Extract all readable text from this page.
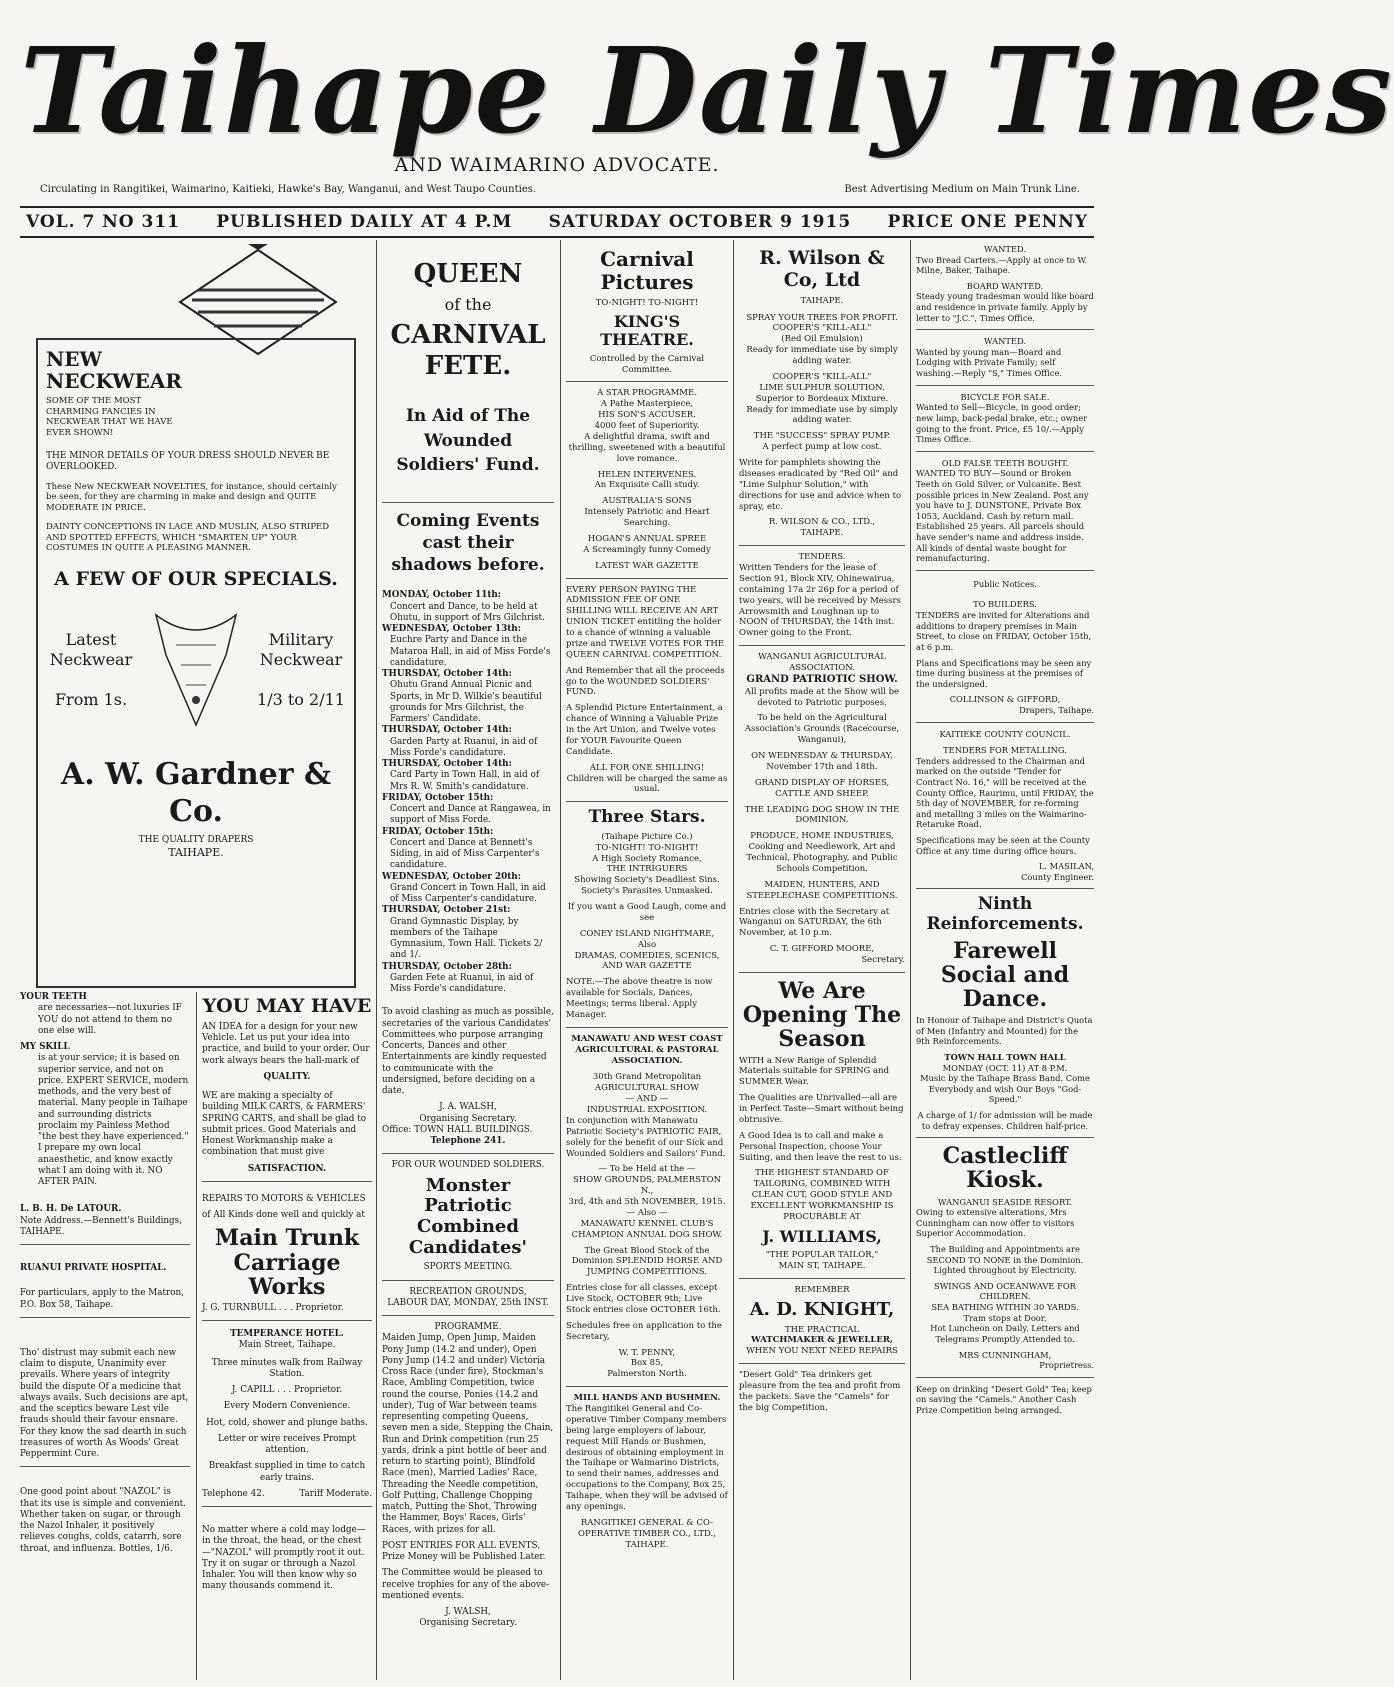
Taihape Daily Times
AND WAIMARINO ADVOCATE.
Circulating in Rangitikei, Waimarino, Kaitieki, Hawke's Bay, Wanganui, and West Taupo Counties.	Best Advertising Medium on Main Trunk Line.
VOL. 7 NO 311 PUBLISHED DAILY AT 4 P.M SATURDAY OCTOBER 9 1915 PRICE ONE PENNY
NEW NECKWEAR

SOME OF THE MOST CHARMING FANCIES IN NECKWEAR THAT WE HAVE EVER SHOWN!

THE MINOR DETAILS OF YOUR DRESS SHOULD NEVER BE OVERLOOKED.

These New NECKWEAR NOVELTIES, for instance, should certainly be seen, for they are charming in make and design and QUITE MODERATE IN PRICE.

DAINTY CONCEPTIONS IN LACE AND MUSLIN, ALSO STRIPED AND SPOTTED EFFECTS, WHICH "SMARTEN UP" YOUR COSTUMES IN QUITE A PLEASING MANNER.

A FEW OF OUR SPECIALS.
Latest Neckwear
From 1s.
Military Neckwear
1/3 to 2/11
A. W. Gardner & Co.
THE QUALITY DRAPERS
TAIHAPE.
YOUR TEETH

are necessaries—not luxuries IF YOU do not attend to them no one else will.

MY SKILL

is at your service; it is based on superior service, and not on price. EXPERT SERVICE, modern methods, and the very best of material. Many people in Taihape and surrounding districts proclaim my Painless Method "the best they have experienced." I prepare my own local anaesthetic, and know exactly what I am doing with it. NO AFTER PAIN.

L. B. H. De LATOUR.

Note Address.—Bennett's Buildings, TAIHAPE.

RUANUI PRIVATE HOSPITAL.

For particulars, apply to the Matron, P.O. Box 58, Taihape.

Tho' distrust may submit each new claim to dispute, Unanimity ever prevails. Where years of integrity build the dispute Of a medicine that always avails. Such decisions are apt, and the sceptics beware Lest vile frauds should their favour ensnare. For they know the sad dearth in such treasures of worth As Woods' Great Peppermint Cure.

One good point about "NAZOL" is that its use is simple and convenient. Whether taken on sugar, or through the Nazol Inhaler, it positively relieves coughs, colds, catarrh, sore throat, and influenza. Bottles, 1/6.

YOU MAY HAVE

AN IDEA for a design for your new Vehicle. Let us put your idea into practice, and build to your order. Our work always bears the hall-mark of

QUALITY.

WE are making a specialty of building MILK CARTS, & FARMERS' SPRING CARTS, and shall be glad to submit prices. Good Materials and Honest Workmanship make a combination that must give

SATISFACTION.

REPAIRS TO MOTORS & VEHICLES

of All Kinds done well and quickly at

Main Trunk Carriage Works

J. G. TURNBULL . . . Proprietor.

TEMPERANCE HOTEL.
Main Street, Taihape.

Three minutes walk from Railway Station.

J. CAPILL . . . Proprietor.

Every Modern Convenience.

Hot, cold, shower and plunge baths.

Letter or wire receives Prompt attention.

Breakfast supplied in time to catch early trains.

Telephone 42.	Tariff Moderate.

No matter where a cold may lodge—in the throat, the head, or the chest—"NAZOL" will promptly root it out. Try it on sugar or through a Nazol Inhaler. You will then know why so many thousands commend it.

QUEEN
of the
CARNIVAL FETE.
In Aid of The Wounded Soldiers' Fund.
Coming Events cast their shadows before.
MONDAY, October 11th:
Concert and Dance, to be held at Ohutu, in support of Mrs Gilchrist.
WEDNESDAY, October 13th:
Euchre Party and Dance in the Mataroa Hall, in aid of Miss Forde's candidature.
THURSDAY, October 14th:
Ohutu Grand Annual Picnic and Sports, in Mr D. Wilkie's beautiful grounds for Mrs Gilchrist, the Farmers' Candidate.
THURSDAY, October 14th:
Garden Party at Ruanui, in aid of Miss Forde's candidature.
THURSDAY, October 14th:
Card Party in Town Hall, in aid of Mrs R. W. Smith's candidature.
FRIDAY, October 15th:
Concert and Dance at Rangawea, in support of Miss Forde.
FRIDAY, October 15th:
Concert and Dance at Bennett's Siding, in aid of Miss Carpenter's candidature.
WEDNESDAY, October 20th:
Grand Concert in Town Hall, in aid of Miss Carpenter's candidature.
THURSDAY, October 21st:
Grand Gymnastic Display, by members of the Taihape Gymnasium, Town Hall. Tickets 2/ and 1/.
THURSDAY, October 28th:
Garden Fete at Ruanui, in aid of Miss Forde's candidature.

To avoid clashing as much as possible, secretaries of the various Candidates' Committees who purpose arranging Concerts, Dances and other Entertainments are kindly requested to communicate with the undersigned, before deciding on a date.

J. A. WALSH,
Organising Secretary.
Office: TOWN HALL BUILDINGS.
Telephone 241.
FOR OUR WOUNDED SOLDIERS.
Monster Patriotic Combined Candidates'
SPORTS MEETING.
RECREATION GROUNDS,
LABOUR DAY, MONDAY, 25th INST.
PROGRAMME.

Maiden Jump, Open Jump, Maiden Pony Jump (14.2 and under), Open Pony Jump (14.2 and under) Victoria Cross Race (under fire), Stockman's Race, Ambling Competition, twice round the course, Ponies (14.2 and under), Tug of War between teams representing competing Queens, seven men a side, Stepping the Chain, Run and Drink competition (run 25 yards, drink a pint bottle of beer and return to starting point), Blindfold Race (men), Married Ladies' Race, Threading the Needle competition, Golf Putting, Challenge Chopping match, Putting the Shot, Throwing the Hammer, Boys' Races, Girls' Races, with prizes for all.

POST ENTRIES FOR ALL EVENTS. Prize Money will be Published Later.

The Committee would be pleased to receive trophies for any of the above-mentioned events.

J. WALSH,
Organising Secretary.
Carnival Pictures
TO-NIGHT! TO-NIGHT!
KING'S THEATRE.
Controlled by the Carnival Committee.
A STAR PROGRAMME.
A Pathe Masterpiece,
HIS SON'S ACCUSER.
4000 feet of Superiority.

A delightful drama, swift and thrilling, sweetened with a beautiful love romance.

HELEN INTERVENES.

An Exquisite Calli study.

AUSTRALIA'S SONS

Intensely Patriotic and Heart Searching.

HOGAN'S ANNUAL SPREE

A Screamingly funny Comedy

LATEST WAR GAZETTE

EVERY PERSON PAYING THE ADMISSION FEE OF ONE SHILLING WILL RECEIVE AN ART UNION TICKET entitling the holder to a chance of winning a valuable prize and TWELVE VOTES FOR THE QUEEN CARNIVAL COMPETITION.

And Remember that all the proceeds go to the WOUNDED SOLDIERS' FUND.

A Splendid Picture Entertainment, a chance of Winning a Valuable Prize in the Art Union, and Twelve votes for YOUR Favourite Queen Candidate.

ALL FOR ONE SHILLING!

Children will be charged the same as usual.

Three Stars.
(Taihape Picture Co.)
TO-NIGHT! TO-NIGHT!
A High Society Romance,
THE INTRIGUERS

Showing Society's Deadliest Sins. Society's Parasites Unmasked.

If you want a Good Laugh, come and see

CONEY ISLAND NIGHTMARE,
Also

DRAMAS, COMEDIES, SCENICS, AND WAR GAZETTE

NOTE.—The above theatre is now available for Socials, Dances, Meetings; terms liberal. Apply Manager.

MANAWATU AND WEST COAST AGRICULTURAL & PASTORAL ASSOCIATION.
30th Grand Metropolitan
AGRICULTURAL SHOW
— AND —
INDUSTRIAL EXPOSITION.

In conjunction with Manawatu Patriotic Society's PATRIOTIC FAIR, solely for the benefit of our Sick and Wounded Soldiers and Sailors' Fund.

— To be Held at the —
SHOW GROUNDS, PALMERSTON N.,
3rd, 4th and 5th NOVEMBER, 1915.
— Also —

MANAWATU KENNEL CLUB'S CHAMPION ANNUAL DOG SHOW.

The Great Blood Stock of the Dominion SPLENDID HORSE AND JUMPING COMPETITIONS.

Entries close for all classes, except Live Stock, OCTOBER 9th; Live Stock entries close OCTOBER 16th.

Schedules free on application to the Secretary,

W. T. PENNY,
Box 85,
Palmerston North.
MILL HANDS AND BUSHMEN.

The Rangitikei General and Co-operative Timber Company members being large employers of labour, request Mill Hands or Bushmen, desirous of obtaining employment in the Taihape or Waimarino Districts, to send their names, addresses and occupations to the Company, Box 25, Taihape, when they will be advised of any openings.

RANGITIKEI GENERAL & CO-OPERATIVE TIMBER CO., LTD.,
TAIHAPE.
R. Wilson & Co, Ltd
TAIHAPE.
SPRAY YOUR TREES FOR PROFIT.
COOPER'S "KILL-ALL"
(Red Oil Emulsion)

Ready for immediate use by simply adding water.

COOPER'S "KILL-ALL"
LIME SULPHUR SOLUTION.
Superior to Bordeaux Mixture.

Ready for immediate use by simply adding water.

THE "SUCCESS" SPRAY PUMP.

A perfect pump at low cost.

Write for pamphlets showing the diseases eradicated by "Red Oil" and "Lime Sulphur Solution," with directions for use and advice when to spray, etc.

R. WILSON & CO., LTD.,
TAIHAPE.
TENDERS.

Written Tenders for the lease of Section 91, Block XIV, Ohinewairua, containing 17a 2r 26p for a period of two years, will be received by Messrs Arrowsmith and Loughnan up to NOON of THURSDAY, the 14th inst. Owner going to the Front.

WANGANUI AGRICULTURAL ASSOCIATION.
GRAND PATRIOTIC SHOW.

All profits made at the Show will be devoted to Patriotic purposes.

To be held on the Agricultural Association's Grounds (Racecourse, Wanganui),

ON WEDNESDAY & THURSDAY, November 17th and 18th.

GRAND DISPLAY OF HORSES, CATTLE AND SHEEP.

THE LEADING DOG SHOW IN THE DOMINION.

PRODUCE, HOME INDUSTRIES, Cooking and Needlework, Art and Technical, Photography, and Public Schools Competition.

MAIDEN, HUNTERS, AND STEEPLECHASE COMPETITIONS.

Entries close with the Secretary at Wanganui on SATURDAY, the 6th November, at 10 p.m.

C. T. GIFFORD MOORE,
Secretary.
We Are Opening The Season

WITH a New Range of Splendid Materials suitable for SPRING and SUMMER Wear.

The Qualities are Unrivalled—all are in Perfect Taste—Smart without being obtrusive.

A Good Idea is to call and make a Personal Inspection, choose Your Suiting, and then leave the rest to us.

THE HIGHEST STANDARD OF TAILORING, COMBINED WITH CLEAN CUT, GOOD STYLE AND EXCELLENT WORKMANSHIP IS PROCURABLE AT

J. WILLIAMS,
"THE POPULAR TAILOR,"
MAIN ST, TAIHAPE.
REMEMBER
A. D. KNIGHT,
THE PRACTICAL
WATCHMAKER & JEWELLER,
WHEN YOU NEXT NEED REPAIRS

"Desert Gold" Tea drinkers get pleasure from the tea and profit from the packets. Save the "Camels" for the big Competition.

WANTED.

Two Bread Carters.—Apply at once to W. Milne, Baker, Taihape.

BOARD WANTED.

Steady young tradesman would like board and residence in private family. Apply by letter to "J.C.", Times Office.

WANTED.

Wanted by young man—Board and Lodging with Private Family; self washing.—Reply "S," Times Office.

BICYCLE FOR SALE.

Wanted to Sell—Bicycle, in good order; new lamp, back-pedal brake, etc.; owner going to the front. Price, £5 10/.—Apply Times Office.

OLD FALSE TEETH BOUGHT.

WANTED TO BUY—Sound or Broken Teeth on Gold Silver, or Vulcanite. Best possible prices in New Zealand. Post any you have to J. DUNSTONE, Private Box 1053, Auckland. Cash by return mail. Established 25 years. All parcels should have sender's name and address inside. All kinds of dental waste bought for remanufacturing.

Public Notices.
TO BUILDERS.

TENDERS are invited for Alterations and additions to drapery premises in Main Street, to close on FRIDAY, October 15th, at 6 p.m.

Plans and Specifications may be seen any time during business at the premises of the undersigned.

COLLINSON & GIFFORD,
Drapers, Taihape.
KAITIEKE COUNTY COUNCIL.
TENDERS FOR METALLING.

Tenders addressed to the Chairman and marked on the outside "Tender for Contract No. 16," will be received at the County Office, Raurimu, until FRIDAY, the 5th day of NOVEMBER, for re-forming and metalling 3 miles on the Waimarino-Retaruke Road.

Specifications may be seen at the County Office at any time during office hours.

L. MASILAN,
County Engineer.
Ninth Reinforcements.
Farewell Social and Dance.

In Honour of Taihape and District's Quota of Men (Infantry and Mounted) for the 9th Reinforcements.

TOWN HALL TOWN HALL
MONDAY (OCT. 11) AT 8 P.M.

Music by the Taihape Brass Band. Come Everybody and wish Our Boys "God-Speed."

A charge of 1/ for admission will be made to defray expenses. Children half-price.

Castlecliff Kiosk.
WANGANUI SEASIDE RESORT.

Owing to extensive alterations, Mrs Cunningham can now offer to visitors Superior Accommodation.

The Building and Appointments are SECOND TO NONE in the Dominion. Lighted throughout by Electricity.

SWINGS AND OCEANWAVE FOR CHILDREN.
SEA BATHING WITHIN 30 YARDS.
Tram stops at Door.

Hot Luncheon on Daily. Letters and Telegrams Promptly Attended to.

MRS CUNNINGHAM,
Proprietress.

Keep on drinking "Desert Gold" Tea; keep on saving the "Camels." Another Cash Prize Competition being arranged.
